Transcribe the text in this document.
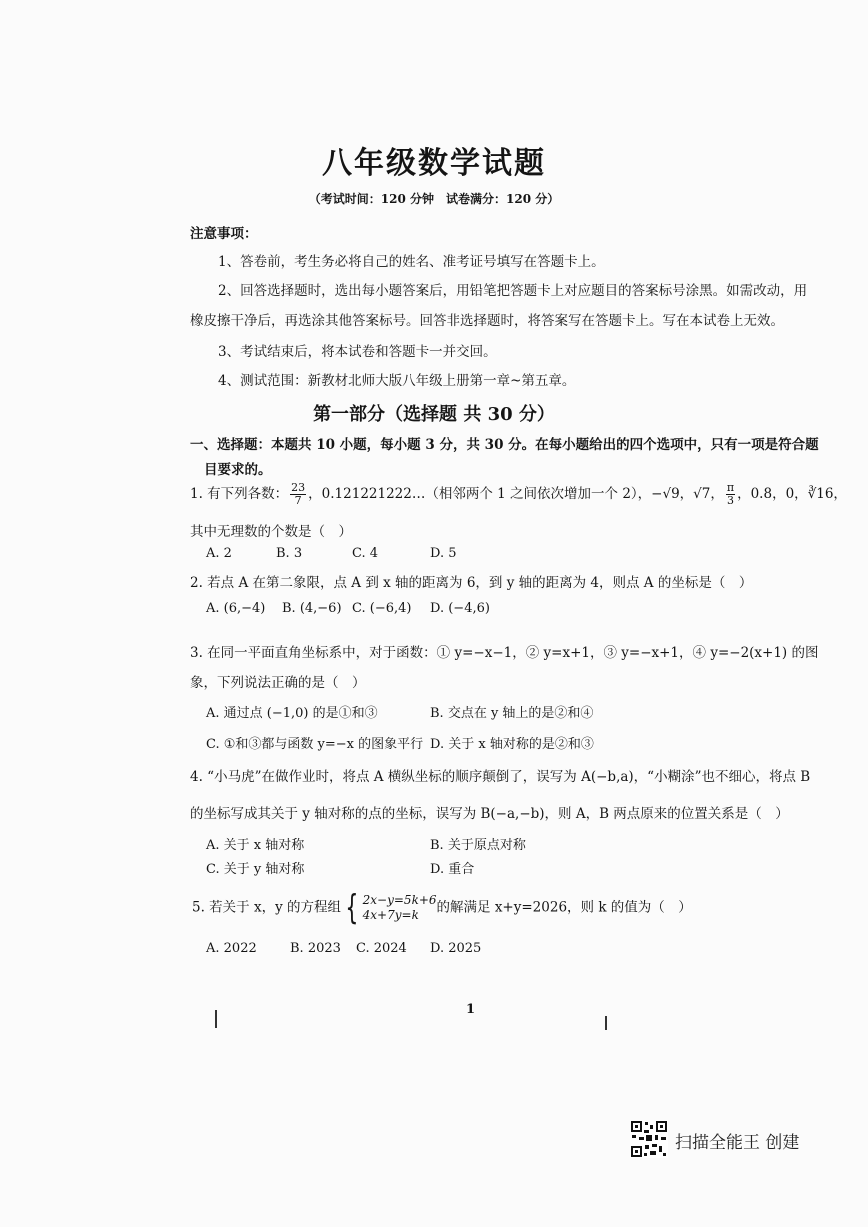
八年级数学试题
（考试时间：120 分钟　试卷满分：120 分）
注意事项：
1、答卷前，考生务必将自己的姓名、准考证号填写在答题卡上。
2、回答选择题时，选出每小题答案后，用铅笔把答题卡上对应题目的答案标号涂黑。如需改动，用
橡皮擦干净后，再选涂其他答案标号。回答非选择题时，将答案写在答题卡上。写在本试卷上无效。
3、考试结束后，将本试卷和答题卡一并交回。
4、测试范围：新教材北师大版八年级上册第一章~第五章。
第一部分（选择题 共 30 分）
一、选择题：本题共 10 小题，每小题 3 分，共 30 分。在每小题给出的四个选项中，只有一项是符合题
目要求的。
1. 有下列各数： $\frac{23}{7}$ ，0.121221222…（相邻两个 1 之间依次增加一个 2），−√9，√7， $\frac{\pi}{3}$ ，0.8，0，∛16，
其中无理数的个数是（　）
A. 2	B. 3	C. 4	D. 5
2. 若点 A 在第二象限，点 A 到 x 轴的距离为 6，到 y 轴的距离为 4，则点 A 的坐标是（　）
A. (6,−4) B. (4,−6) C. (−6,4) D. (−4,6)
3. 在同一平面直角坐标系中，对于函数：① y=−x−1，② y=x+1，③ y=−x+1，④ y=−2(x+1) 的图
象，下列说法正确的是（　）
A. 通过点 (−1,0) 的是①和③	B. 交点在 y 轴上的是②和④
C. ①和③都与函数 y=−x 的图象平行 D. 关于 x 轴对称的是②和③
4. “小马虎”在做作业时，将点 A 横纵坐标的顺序颠倒了，误写为 A(−b,a)，“小糊涂”也不细心，将点 B
的坐标写成其关于 y 轴对称的点的坐标，误写为 B(−a,−b)，则 A，B 两点原来的位置关系是（　）
A. 关于 x 轴对称	B. 关于原点对称
C. 关于 y 轴对称	D. 重合
5. 若关于 x，y 的方程组 { 2x−y=5k+6
4x+7y=k	的解满足 x+y=2026，则 k 的值为（　）
A. 2022	B. 2023 C. 2024 D. 2025
1
扫描全能王 创建
